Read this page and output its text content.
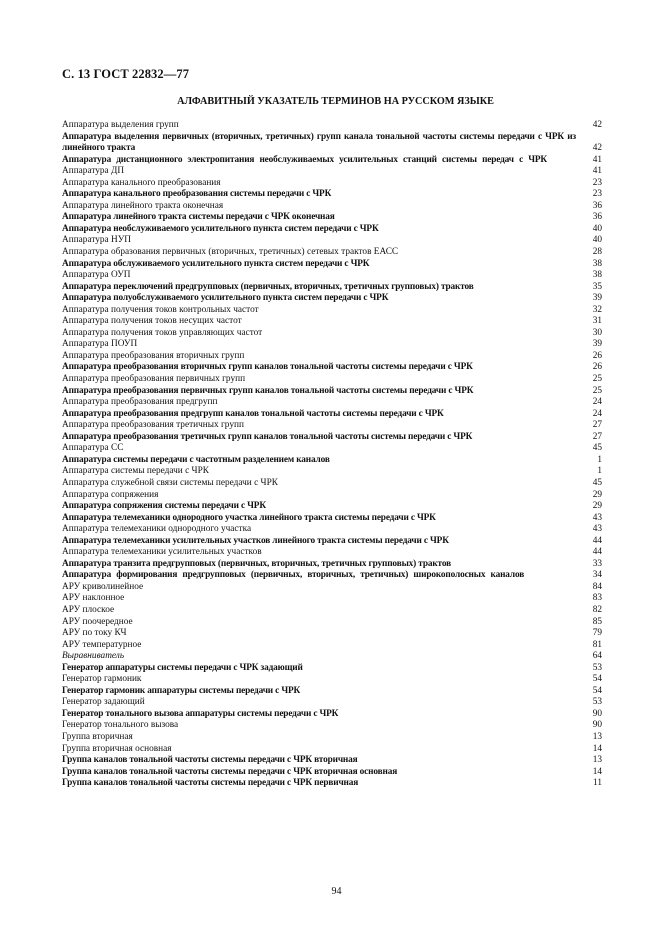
С. 13 ГОСТ 22832—77
АЛФАВИТНЫЙ УКАЗАТЕЛЬ ТЕРМИНОВ НА РУССКОМ ЯЗЫКЕ
Аппаратура выделения групп	42
Аппаратура выделения первичных (вторичных, третичных) групп канала тональной частоты системы передачи с ЧРК из линейного тракта	42
Аппаратура дистанционного электропитания необслуживаемых усилительных станций системы передач с ЧРК	41
Аппаратура ДП	41
Аппаратура канального преобразования	23
Аппаратура канального преобразования системы передачи с ЧРК	23
Аппаратура линейного тракта оконечная	36
Аппаратура линейного тракта системы передачи с ЧРК оконечная	36
Аппаратура необслуживаемого усилительного пункта систем передачи с ЧРК	40
Аппаратура НУП	40
Аппаратура образования первичных (вторичных, третичных) сетевых трактов ЕАСС	28
Аппаратура обслуживаемого усилительного пункта систем передачи с ЧРК	38
Аппаратура ОУП	38
Аппаратура переключений предгрупповых (первичных, вторичных, третичных групповых) трактов	35
Аппаратура полуобслуживаемого усилительного пункта систем передачи с ЧРК	39
Аппаратура получения токов контрольных частот	32
Аппаратура получения токов несущих частот	31
Аппаратура получения токов управляющих частот	30
Аппаратура ПОУП	39
Аппаратура преобразования вторичных групп	26
Аппаратура преобразования вторичных групп каналов тональной частоты системы передачи с ЧРК	26
Аппаратура преобразования первичных групп	25
Аппаратура преобразования первичных групп каналов тональной частоты системы передачи с ЧРК	25
Аппаратура преобразования предгрупп	24
Аппаратура преобразования предгрупп каналов тональной частоты системы передачи с ЧРК	24
Аппаратура преобразования третичных групп	27
Аппаратура преобразования третичных групп каналов тональной частоты системы передачи с ЧРК	27
Аппаратура СС	45
Аппаратура системы передачи с частотным разделением каналов	1
Аппаратура системы передачи с ЧРК	1
Аппаратура служебной связи системы передачи с ЧРК	45
Аппаратура сопряжения	29
Аппаратура сопряжения системы передачи с ЧРК	29
Аппаратура телемеханики однородного участка линейного тракта системы передачи с ЧРК	43
Аппаратура телемеханики однородного участка	43
Аппаратура телемеханики усилительных участков линейного тракта системы передачи с ЧРК	44
Аппаратура телемеханики усилительных участков	44
Аппаратура транзита предгрупповых (первичных, вторичных, третичных групповых) трактов	33
Аппаратура формирования предгрупповых (первичных, вторичных, третичных) широкополосных каналов	34
АРУ криволинейное	84
АРУ наклонное	83
АРУ плоское	82
АРУ поочередное	85
АРУ по току КЧ	79
АРУ температурное	81
Выравниватель	64
Генератор аппаратуры системы передачи с ЧРК задающий	53
Генератор гармоник	54
Генератор гармоник аппаратуры системы передачи с ЧРК	54
Генератор задающий	53
Генератор тонального вызова аппаратуры системы передачи с ЧРК	90
Генератор тонального вызова	90
Группа вторичная	13
Группа вторичная основная	14
Группа каналов тональной частоты системы передачи с ЧРК вторичная	13
Группа каналов тональной частоты системы передачи с ЧРК вторичная основная	14
Группа каналов тональной частоты системы передачи с ЧРК первичная	11
94
